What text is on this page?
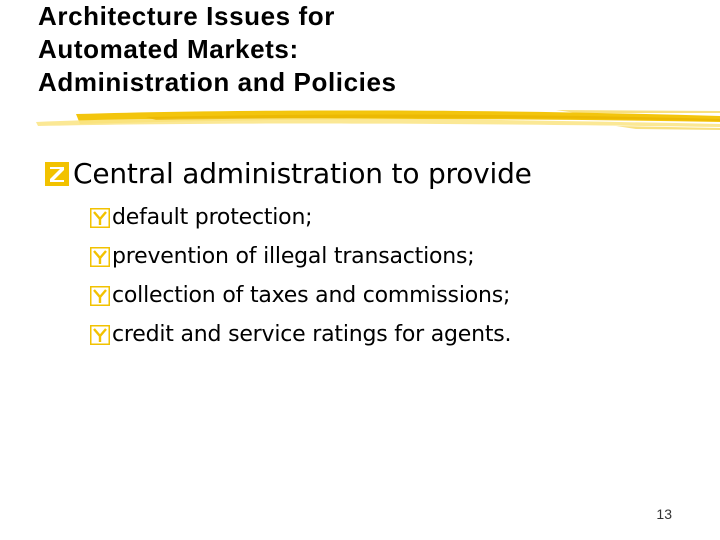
Architecture Issues for
Automated Markets:
Administration and Policies
Central administration to provide
default protection;
prevention of illegal transactions;
collection of taxes and commissions;
credit and service ratings for agents.
13
